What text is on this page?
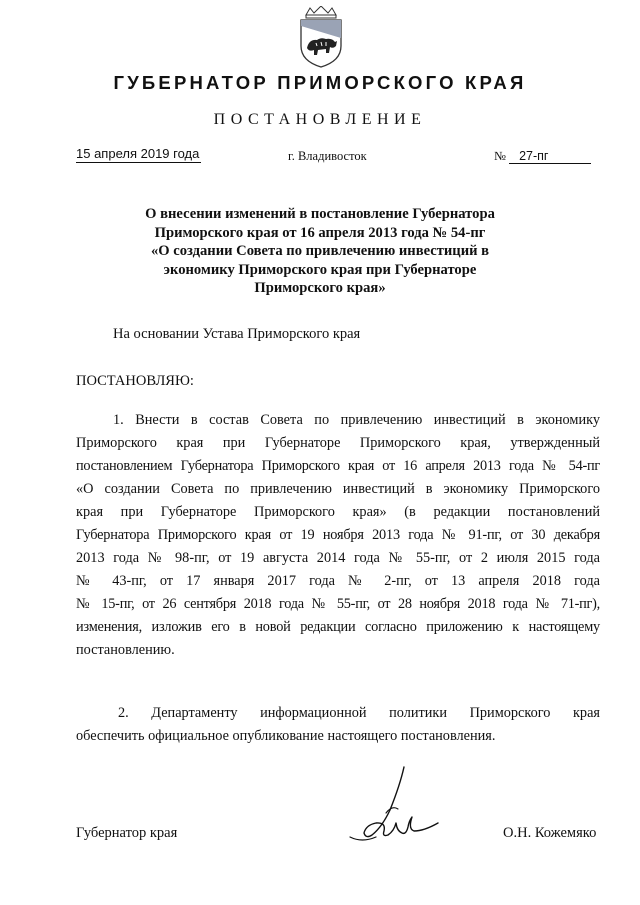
ГУБЕРНАТОР ПРИМОРСКОГО КРАЯ
ПОСТАНОВЛЕНИЕ
15 апреля 2019 года	г. Владивосток	№ 27-пг
О внесении изменений в постановление Губернатора
Приморского края от 16 апреля 2013 года № 54-пг
«О создании Совета по привлечению инвестиций в
экономику Приморского края при Губернаторе
Приморского края»
На основании Устава Приморского края
ПОСТАНОВЛЯЮ:
1. Внести в состав Совета по привлечению инвестиций в экономику
Приморского края при Губернаторе Приморского края, утвержденный
постановлением Губернатора Приморского края от 16 апреля 2013 года № 54-пг
«О создании Совета по привлечению инвестиций в экономику Приморского
края при Губернаторе Приморского края» (в редакции постановлений
Губернатора Приморского края от 19 ноября 2013 года № 91-пг, от 30 декабря
2013 года № 98-пг, от 19 августа 2014 года № 55-пг, от 2 июля 2015 года
№ 43-пг, от 17 января 2017 года № 2-пг, от 13 апреля 2018 года
№ 15-пг, от 26 сентября 2018 года № 55-пг, от 28 ноября 2018 года № 71-пг),
изменения, изложив его в новой редакции согласно приложению к настоящему
постановлению.
2. Департаменту информационной политики Приморского края
обеспечить официальное опубликование настоящего постановления.
Губернатор края	О.Н. Кожемяко
